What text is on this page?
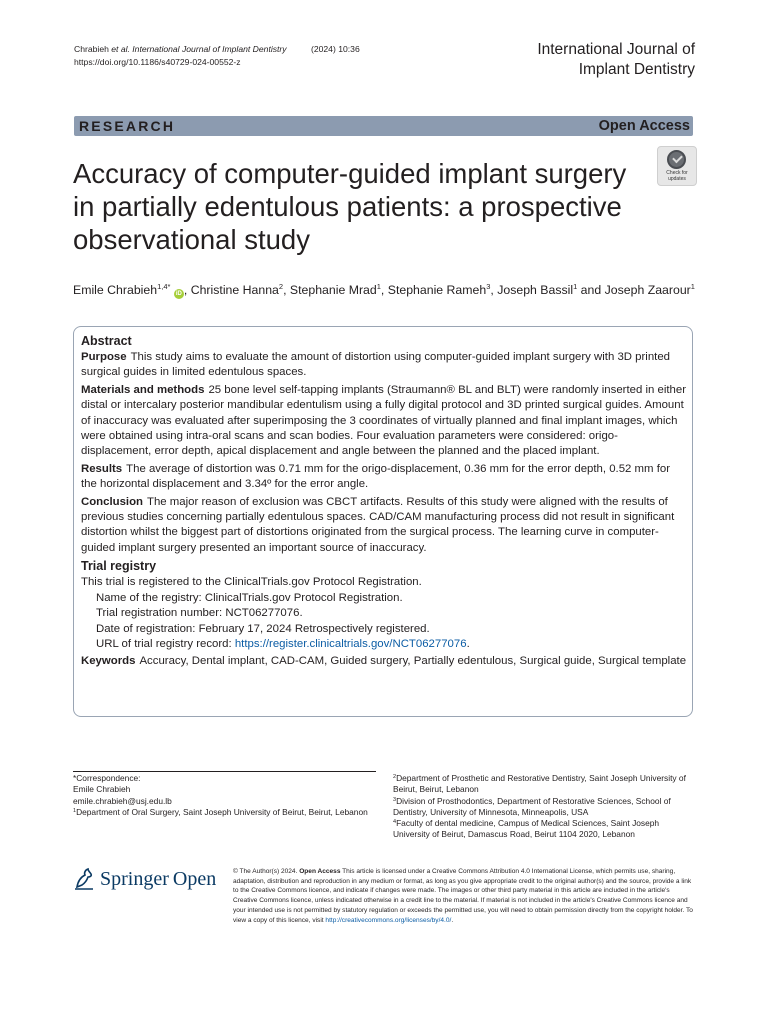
Chrabieh et al. International Journal of Implant Dentistry	(2024) 10:36
https://doi.org/10.1186/s40729-024-00552-z
International Journal of
Implant Dentistry
RESEARCH	Open Access
Accuracy of computer-guided implant surgery in partially edentulous patients: a prospective observational study
Check for
updates
Emile Chrabieh$^{1,4*}$ iD , Christine Hanna$^2$, Stephanie Mrad$^1$, Stephanie Rameh$^3$, Joseph Bassil$^1$ and Joseph Zaarour$^1$
Abstract

Purpose This study aims to evaluate the amount of distortion using computer-guided implant surgery with 3D printed surgical guides in limited edentulous spaces.

Materials and methods 25 bone level self-tapping implants (Straumann® BL and BLT) were randomly inserted in either distal or intercalary posterior mandibular edentulism using a fully digital protocol and 3D printed surgical guides. Amount of inaccuracy was evaluated after superimposing the 3 coordinates of virtually planned and final implant images, which were obtained using intra-oral scans and scan bodies. Four evaluation parameters were considered: origo-displacement, error depth, apical displacement and angle between the planned and the placed implant.

Results The average of distortion was 0.71 mm for the origo-displacement, 0.36 mm for the error depth, 0.52 mm for the horizontal displacement and 3.34º for the error angle.

Conclusion The major reason of exclusion was CBCT artifacts. Results of this study were aligned with the results of previous studies concerning partially edentulous spaces. CAD/CAM manufacturing process did not result in significant distortion whilst the biggest part of distortions originated from the surgical process. The learning curve in computer-guided implant surgery presented an important source of inaccuracy.

Trial registry
This trial is registered to the ClinicalTrials.gov Protocol Registration.
Name of the registry: ClinicalTrials.gov Protocol Registration.
Trial registration number: NCT06277076.
Date of registration: February 17, 2024 Retrospectively registered.

URL of trial registry record: https://register.clinicaltrials.gov/NCT06277076.

Keywords Accuracy, Dental implant, CAD-CAM, Guided surgery, Partially edentulous, Surgical guide, Surgical template

*Correspondence:

Emile Chrabieh

emile.chrabieh@usj.edu.lb

$^1$Department of Oral Surgery, Saint Joseph University of Beirut, Beirut, Lebanon

$^2$Department of Prosthetic and Restorative Dentistry, Saint Joseph University of Beirut, Beirut, Lebanon

$^3$Division of Prosthodontics, Department of Restorative Sciences, School of Dentistry, University of Minnesota, Minneapolis, USA

$^4$Faculty of dental medicine, Campus of Medical Sciences, Saint Joseph University of Beirut, Damascus Road, Beirut 1104 2020, Lebanon

Springer Open	© The Author(s) 2024. Open Access This article is licensed under a Creative Commons Attribution 4.0 International License, which permits use, sharing, adaptation, distribution and reproduction in any medium or format, as long as you give appropriate credit to the original author(s) and the source, provide a link to the Creative Commons licence, and indicate if changes were made. The images or other third party material in this article are included in the article's Creative Commons licence, unless indicated otherwise in a credit line to the material. If material is not included in the article's Creative Commons licence and your intended use is not permitted by statutory regulation or exceeds the permitted use, you will need to obtain permission directly from the copyright holder. To view a copy of this licence, visit http://creativecommons.org/licenses/by/4.0/.
